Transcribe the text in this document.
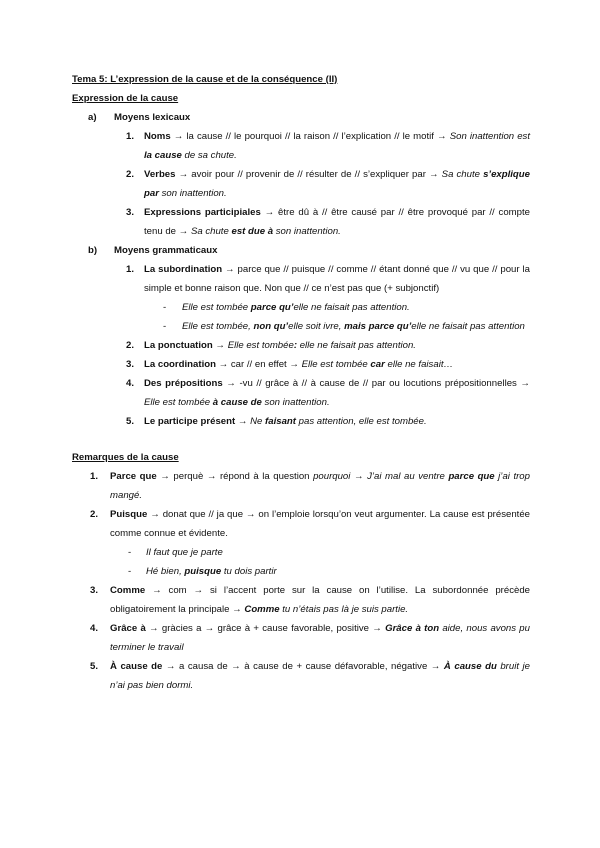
Tema 5: L’expression de la cause et de la conséquence (II)

Expression de la cause

a) Moyens lexicaux

1. Noms → la cause // le pourquoi // la raison // l’explication // le motif → Son inattention est la cause de sa chute.
2. Verbes → avoir pour // provenir de // résulter de // s’expliquer par → Sa chute s’explique par son inattention.
3. Expressions participiales → être dû à // être causé par // être provoqué par // compte tenu de → Sa chute est due à son inattention.

b) Moyens grammaticaux

1. La subordination → parce que // puisque // comme // étant donné que // vu que // pour la simple et bonne raison que. Non que // ce n’est pas que (+ subjonctif)
- Elle est tombée parce qu’elle ne faisait pas attention.
- Elle est tombée, non qu’elle soit ivre, mais parce qu’elle ne faisait pas attention
2. La ponctuation → Elle est tombée: elle ne faisait pas attention.
3. La coordination → car // en effet → Elle est tombée car elle ne faisait…
4. Des prépositions → -vu // grâce à // à cause de // par ou locutions prépositionnelles → Elle est tombée à cause de son inattention.
5. Le participe présent → Ne faisant pas attention, elle est tombée.

Remarques de la cause

1. Parce que → perquè → répond à la question pourquoi → J’ai mal au ventre parce que j’ai trop mangé.
2. Puisque → donat que // ja que → on l’emploie lorsqu’on veut argumenter. La cause est présentée comme connue et évidente.
- Il faut que je parte
- Hé bien, puisque tu dois partir
3. Comme → com → si l’accent porte sur la cause on l’utilise. La subordonnée précède obligatoirement la principale → Comme tu n’étais pas là je suis partie.
4. Grâce à → gràcies a → grâce à + cause favorable, positive → Grâce à ton aide, nous avons pu terminer le travail
5. À cause de → a causa de → à cause de + cause défavorable, négative → À cause du bruit je n’ai pas bien dormi.
